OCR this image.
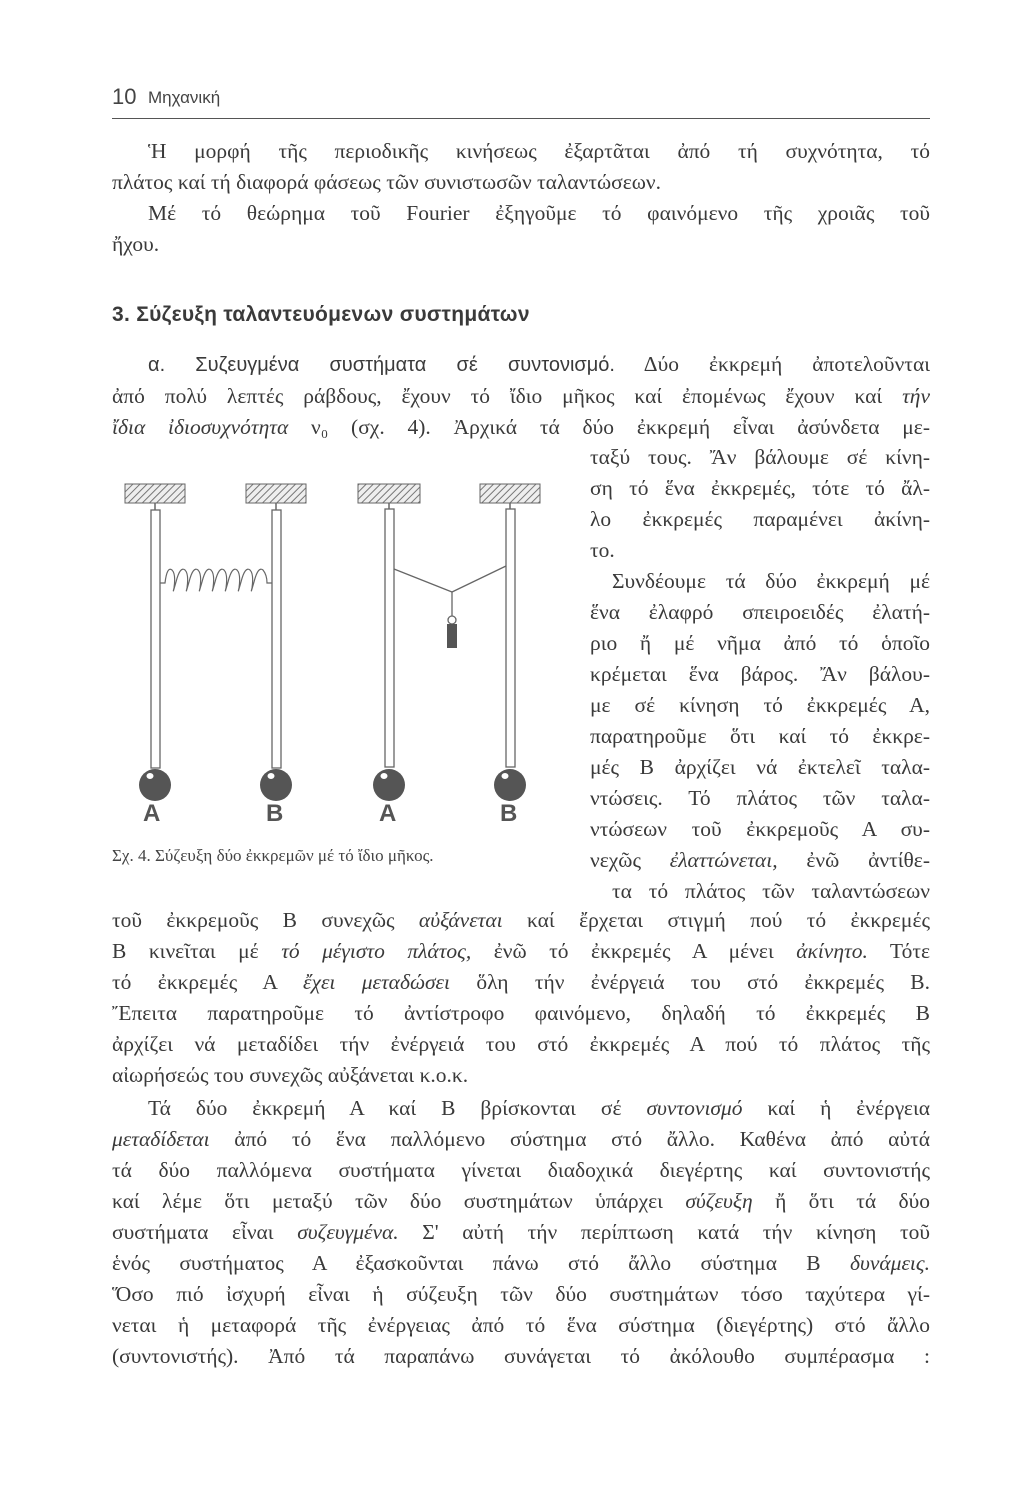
10 Μηχανική
Ἡ μορφή τῆς περιοδικῆς κινήσεως ἐξαρτᾶται ἀπό τή συχνότητα, τό
πλάτος καί τή διαφορά φάσεως τῶν συνιστωσῶν ταλαντώσεων.
Μέ τό θεώρημα τοῦ Fourier ἐξηγοῦμε τό φαινόμενο τῆς χροιᾶς τοῦ
ἤχου.
3. Σύζευξη ταλαντευόμενων συστημάτων
α. Συζευγμένα συστήματα σέ συντονισμό. Δύο ἐκκρεμή ἀποτελοῦνται
ἀπό πολύ λεπτές ράβδους, ἔχουν τό ἴδιο μῆκος καί ἐπομένως ἔχουν καί τήν
ἴδια ἰδιοσυχνότητα ν₀ (σχ. 4). Ἀρχικά τά δύο ἐκκρεμή εἶναι ἀσύνδετα με-
ταξύ τους. Ἄν βάλουμε σέ κίνη-
ση τό ἕνα ἐκκρεμές, τότε τό ἄλ-
λο ἐκκρεμές παραμένει ἀκίνη-
το.
Συνδέουμε τά δύο ἐκκρεμή μέ
ἕνα ἐλαφρό σπειροειδές ἐλατή-
ριο ἤ μέ νῆμα ἀπό τό ὁποῖο
κρέμεται ἕνα βάρος. Ἄν βάλου-
με σέ κίνηση τό ἐκκρεμές Α,
παρατηροῦμε ὅτι καί τό ἐκκρε-
μές Β ἀρχίζει νά ἐκτελεῖ ταλα-
ντώσεις. Τό πλάτος τῶν ταλα-
ντώσεων τοῦ ἐκκρεμοῦς Α συ-
νεχῶς ἐλαττώνεται, ἐνῶ ἀντίθε-
τα τό πλάτος τῶν ταλαντώσεων
A	B	A	B
Σχ. 4. Σύζευξη δύο ἐκκρεμῶν μέ τό ἴδιο μῆκος.
τοῦ ἐκκρεμοῦς Β συνεχῶς αὐξάνεται καί ἔρχεται στιγμή πού τό ἐκκρεμές
Β κινεῖται μέ τό μέγιστο πλάτος, ἐνῶ τό ἐκκρεμές Α μένει ἀκίνητο. Τότε
τό ἐκκρεμές Α ἔχει μεταδώσει ὅλη τήν ἐνέργειά του στό ἐκκρεμές Β.
Ἔπειτα παρατηροῦμε τό ἀντίστροφο φαινόμενο, δηλαδή τό ἐκκρεμές Β
ἀρχίζει νά μεταδίδει τήν ἐνέργειά του στό ἐκκρεμές Α πού τό πλάτος τῆς
αἰωρήσεώς του συνεχῶς αὐξάνεται κ.ο.κ.
Τά δύο ἐκκρεμή Α καί Β βρίσκονται σέ συντονισμό καί ἡ ἐνέργεια
μεταδίδεται ἀπό τό ἕνα παλλόμενο σύστημα στό ἄλλο. Καθένα ἀπό αὐτά
τά δύο παλλόμενα συστήματα γίνεται διαδοχικά διεγέρτης καί συντονιστής
καί λέμε ὅτι μεταξύ τῶν δύο συστημάτων ὑπάρχει σύζευξη ἤ ὅτι τά δύο
συστήματα εἶναι συζευγμένα. Σ' αὐτή τήν περίπτωση κατά τήν κίνηση τοῦ
ἑνός συστήματος Α ἐξασκοῦνται πάνω στό ἄλλο σύστημα Β δυνάμεις.
Ὅσο πιό ἰσχυρή εἶναι ἡ σύζευξη τῶν δύο συστημάτων τόσο ταχύτερα γί-
νεται ἡ μεταφορά τῆς ἐνέργειας ἀπό τό ἕνα σύστημα (διεγέρτης) στό ἄλλο
(συντονιστής). Ἀπό τά παραπάνω συνάγεται τό ἀκόλουθο συμπέρασμα :
